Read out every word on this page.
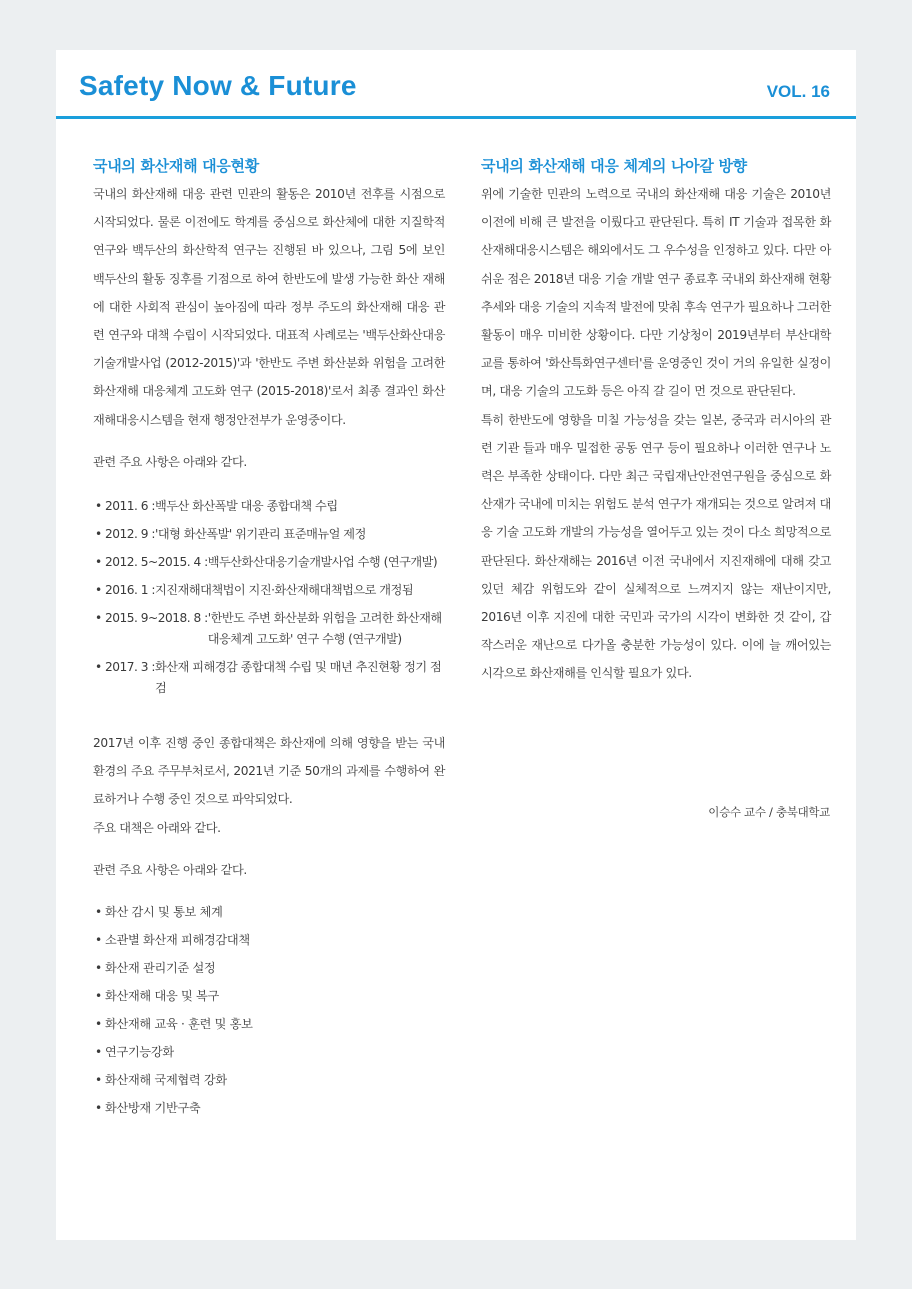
Safety Now & Future	VOL. 16
국내의 화산재해 대응현황

국내의 화산재해 대응 관련 민관의 활동은 2010년 전후를 시점으로 시작되었다. 물론 이전에도 학계를 중심으로 화산체에 대한 지질학적 연구와 백두산의 화산학적 연구는 진행된 바 있으나, 그림 5에 보인 백두산의 활동 징후를 기점으로 하여 한반도에 발생 가능한 화산 재해에 대한 사회적 관심이 높아짐에 따라 정부 주도의 화산재해 대응 관련 연구와 대책 수립이 시작되었다. 대표적 사례로는 '백두산화산대응 기술개발사업 (2012-2015)'과 '한반도 주변 화산분화 위험을 고려한 화산재해 대응체계 고도화 연구 (2015-2018)'로서 최종 결과인 화산재해대응시스템을 현재 행정안전부가 운영중이다.

관련 주요 사항은 아래와 같다.

• 2011. 6 : 백두산 화산폭발 대응 종합대책 수립
• 2012. 9 : '대형 화산폭발' 위기관리 표준매뉴얼 제정
• 2012. 5~2015. 4 : 백두산화산대응기술개발사업 수행 (연구개발)
• 2016. 1 : 지진재해대책법이 지진·화산재해대책법으로 개정됨
• 2015. 9~2018. 8 : '한반도 주변 화산분화 위험을 고려한 화산재해 대응체계 고도화' 연구 수행 (연구개발)
• 2017. 3 : 화산재 피해경감 종합대책 수립 및 매년 추진현황 정기 점검

2017년 이후 진행 중인 종합대책은 화산재에 의해 영향을 받는 국내 환경의 주요 주무부처로서, 2021년 기준 50개의 과제를 수행하여 완료하거나 수행 중인 것으로 파악되었다.

주요 대책은 아래와 같다.

관련 주요 사항은 아래와 같다.

• 화산 감시 및 통보 체계
• 소관별 화산재 피해경감대책
• 화산재 관리기준 설정
• 화산재해 대응 및 복구
• 화산재해 교육 · 훈련 및 홍보
• 연구기능강화
• 화산재해 국제협력 강화
• 화산방재 기반구축
국내의 화산재해 대응 체계의 나아갈 방향

위에 기술한 민관의 노력으로 국내의 화산재해 대응 기술은 2010년 이전에 비해 큰 발전을 이뤘다고 판단된다. 특히 IT 기술과 접목한 화산재해대응시스템은 해외에서도 그 우수성을 인정하고 있다. 다만 아쉬운 점은 2018년 대응 기술 개발 연구 종료후 국내외 화산재해 현황 추세와 대응 기술의 지속적 발전에 맞춰 후속 연구가 필요하나 그러한 활동이 매우 미비한 상황이다. 다만 기상청이 2019년부터 부산대학교를 통하여 '화산특화연구센터'를 운영중인 것이 거의 유일한 실정이며, 대응 기술의 고도화 등은 아직 갈 길이 먼 것으로 판단된다.

특히 한반도에 영향을 미칠 가능성을 갖는 일본, 중국과 러시아의 관련 기관 들과 매우 밀접한 공동 연구 등이 필요하나 이러한 연구나 노력은 부족한 상태이다. 다만 최근 국립재난안전연구원을 중심으로 화산재가 국내에 미치는 위험도 분석 연구가 재개되는 것으로 알려져 대응 기술 고도화 개발의 가능성을 열어두고 있는 것이 다소 희망적으로 판단된다. 화산재해는 2016년 이전 국내에서 지진재해에 대해 갖고 있던 체감 위험도와 같이 실체적으로 느껴지지 않는 재난이지만, 2016년 이후 지진에 대한 국민과 국가의 시각이 변화한 것 같이, 갑작스러운 재난으로 다가올 충분한 가능성이 있다. 이에 늘 깨어있는 시각으로 화산재해를 인식할 필요가 있다.

이승수 교수 / 충북대학교
